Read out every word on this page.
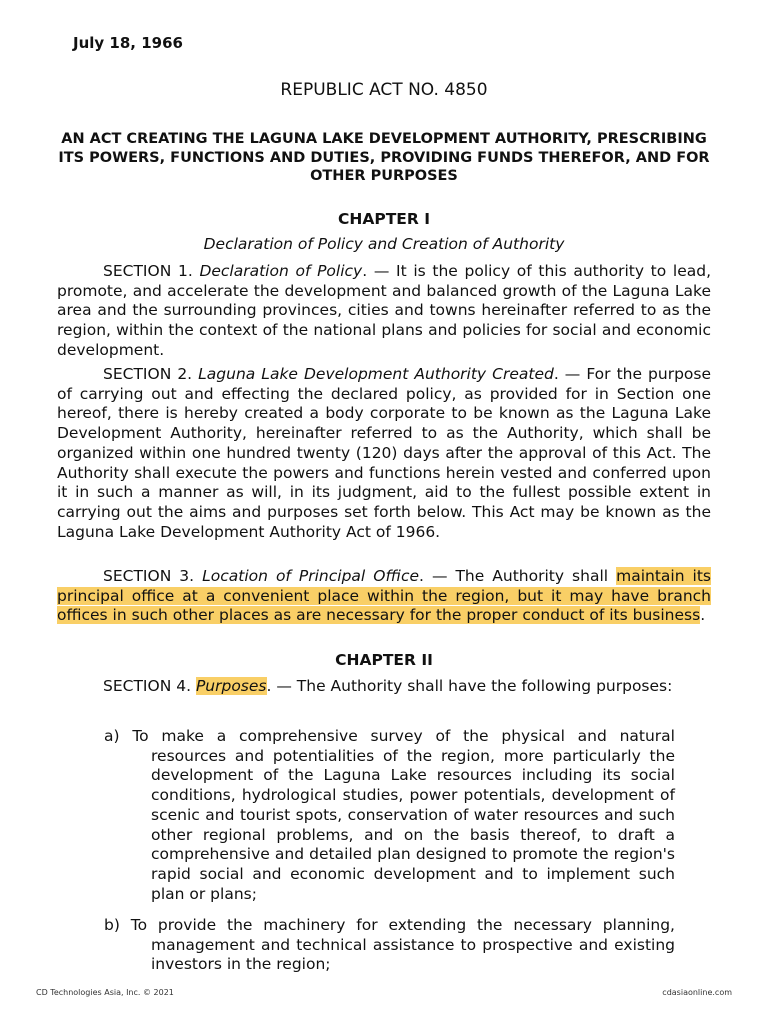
July 18, 1966
REPUBLIC ACT NO. 4850
AN ACT CREATING THE LAGUNA LAKE DEVELOPMENT AUTHORITY, PRESCRIBING ITS POWERS, FUNCTIONS AND DUTIES, PROVIDING FUNDS THEREFOR, AND FOR OTHER PURPOSES
CHAPTER I
Declaration of Policy and Creation of Authority

SECTION 1. Declaration of Policy. — It is the policy of this authority to lead, promote, and accelerate the development and balanced growth of the Laguna Lake area and the surrounding provinces, cities and towns hereinafter referred to as the region, within the context of the national plans and policies for social and economic development.

SECTION 2. Laguna Lake Development Authority Created. — For the purpose of carrying out and effecting the declared policy, as provided for in Section one hereof, there is hereby created a body corporate to be known as the Laguna Lake Development Authority, hereinafter referred to as the Authority, which shall be organized within one hundred twenty (120) days after the approval of this Act. The Authority shall execute the powers and functions herein vested and conferred upon it in such a manner as will, in its judgment, aid to the fullest possible extent in carrying out the aims and purposes set forth below. This Act may be known as the Laguna Lake Development Authority Act of 1966.

SECTION 3. Location of Principal Office. — The Authority shall maintain its principal office at a convenient place within the region, but it may have branch offices in such other places as are necessary for the proper conduct of its business.

CHAPTER II

SECTION 4. Purposes. — The Authority shall have the following purposes:

a) To make a comprehensive survey of the physical and natural resources and potentialities of the region, more particularly the development of the Laguna Lake resources including its social conditions, hydrological studies, power potentials, development of scenic and tourist spots, conservation of water resources and such other regional problems, and on the basis thereof, to draft a comprehensive and detailed plan designed to promote the region's rapid social and economic development and to implement such plan or plans;

b) To provide the machinery for extending the necessary planning, management and technical assistance to prospective and existing investors in the region;

CD Technologies Asia, Inc. © 2021	cdasiaonline.com
